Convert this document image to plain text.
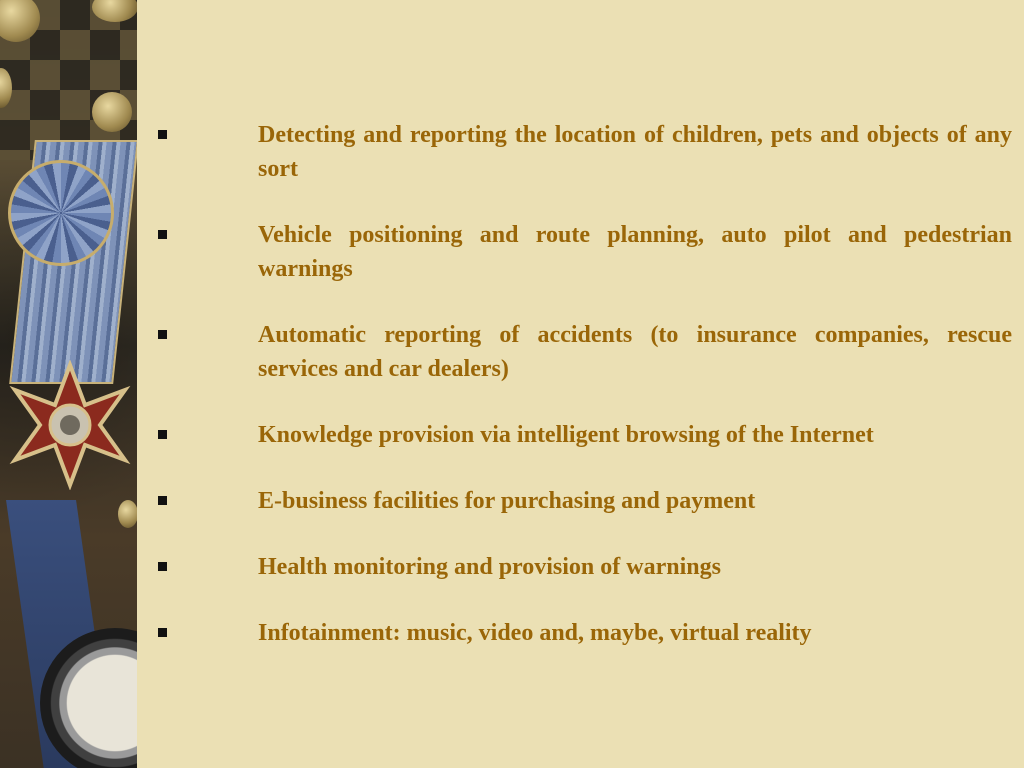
Detecting and reporting the location of children, pets and objects of any sort
Vehicle positioning and route planning, auto pilot and pedestrian warnings
Automatic reporting of accidents (to insurance companies, rescue services and car dealers)
Knowledge provision via intelligent browsing of the Internet
E-business facilities for purchasing and payment
Health monitoring and provision of warnings
Infotainment: music, video and, maybe, virtual reality
